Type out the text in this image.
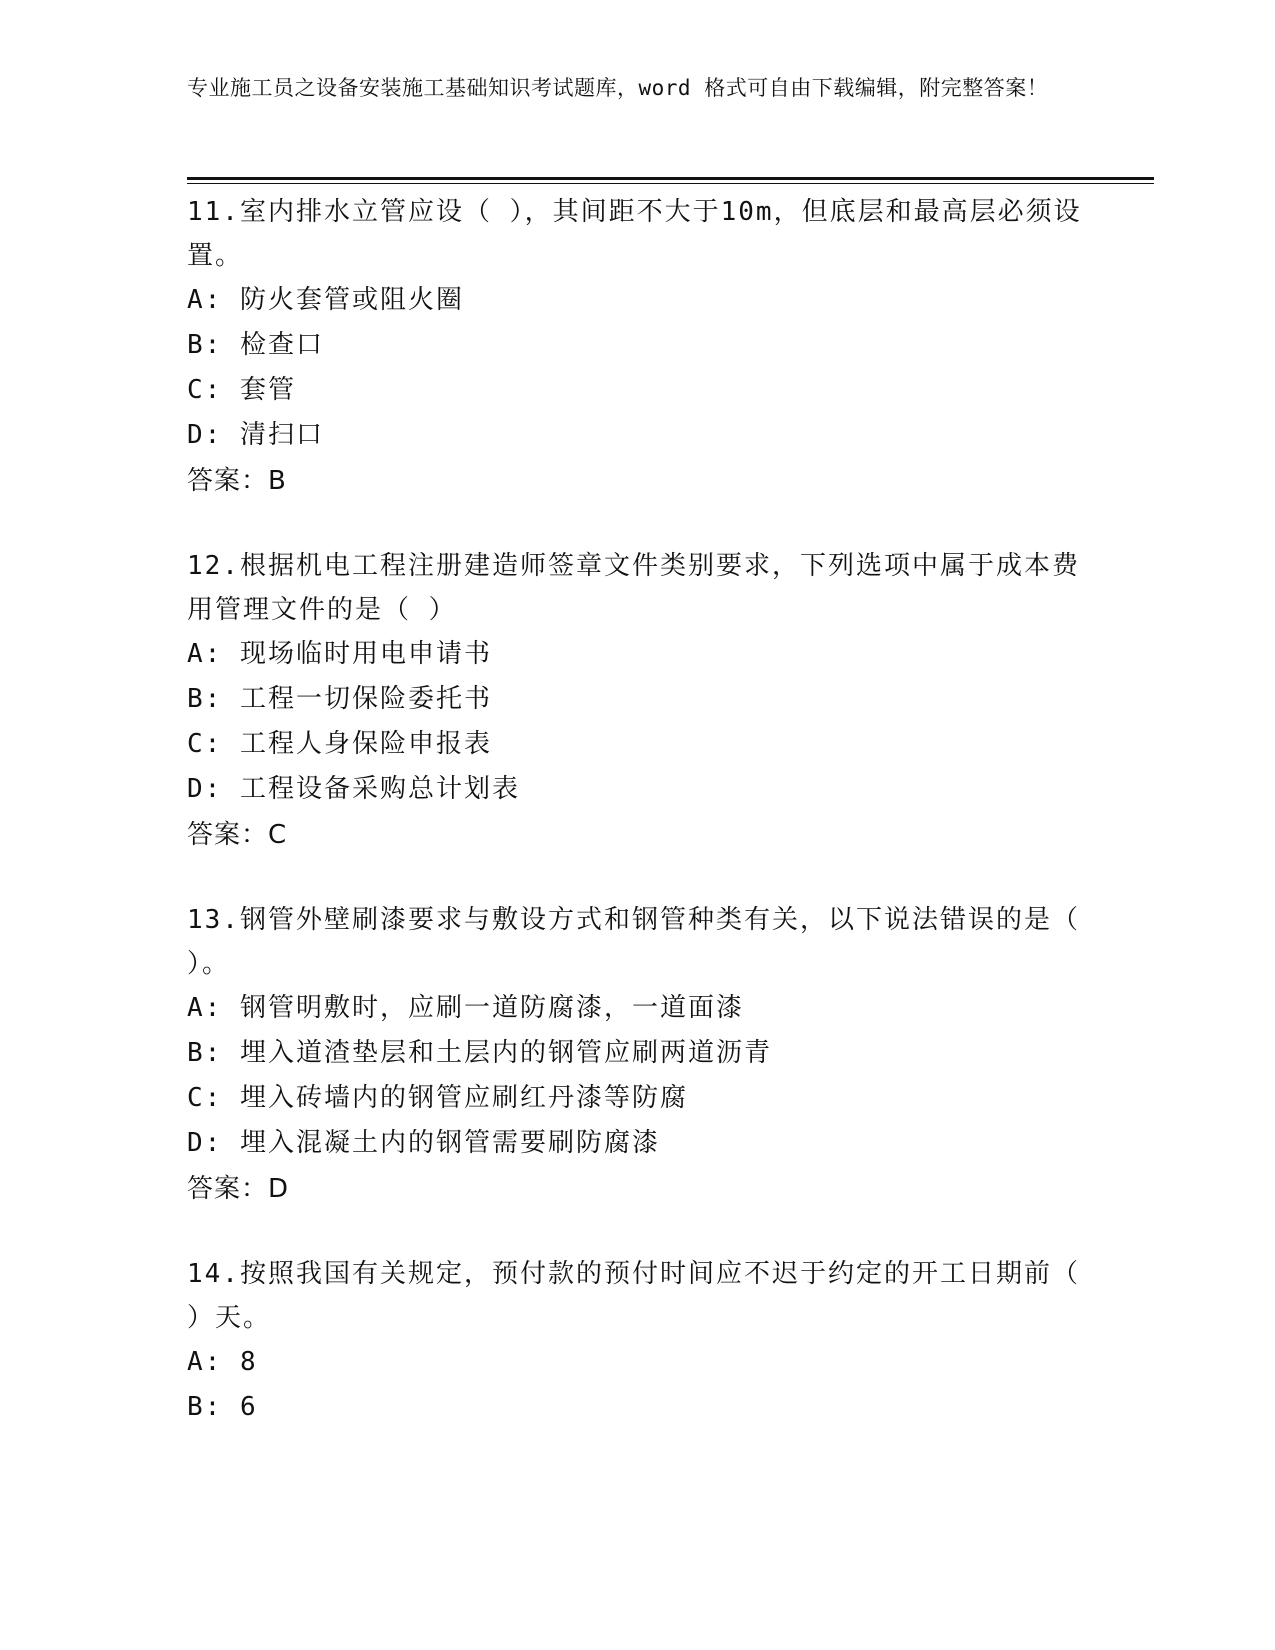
专业施工员之设备安装施工基础知识考试题库，word 格式可自由下载编辑，附完整答案！
11.室内排水立管应设（ ），其间距不大于10m，但底层和最高层必须设置。
A: 防火套管或阻火圈
B: 检查口
C: 套管
D: 清扫口
答案：B
12.根据机电工程注册建造师签章文件类别要求，下列选项中属于成本费用管理文件的是（ ）
A: 现场临时用电申请书
B: 工程一切保险委托书
C: 工程人身保险申报表
D: 工程设备采购总计划表
答案：C
13.钢管外壁刷漆要求与敷设方式和钢管种类有关，以下说法错误的是（ ）。
A: 钢管明敷时，应刷一道防腐漆，一道面漆
B: 埋入道渣垫层和土层内的钢管应刷两道沥青
C: 埋入砖墙内的钢管应刷红丹漆等防腐
D: 埋入混凝土内的钢管需要刷防腐漆
答案：D
14.按照我国有关规定，预付款的预付时间应不迟于约定的开工日期前（ ）天。
A: 8
B: 6
